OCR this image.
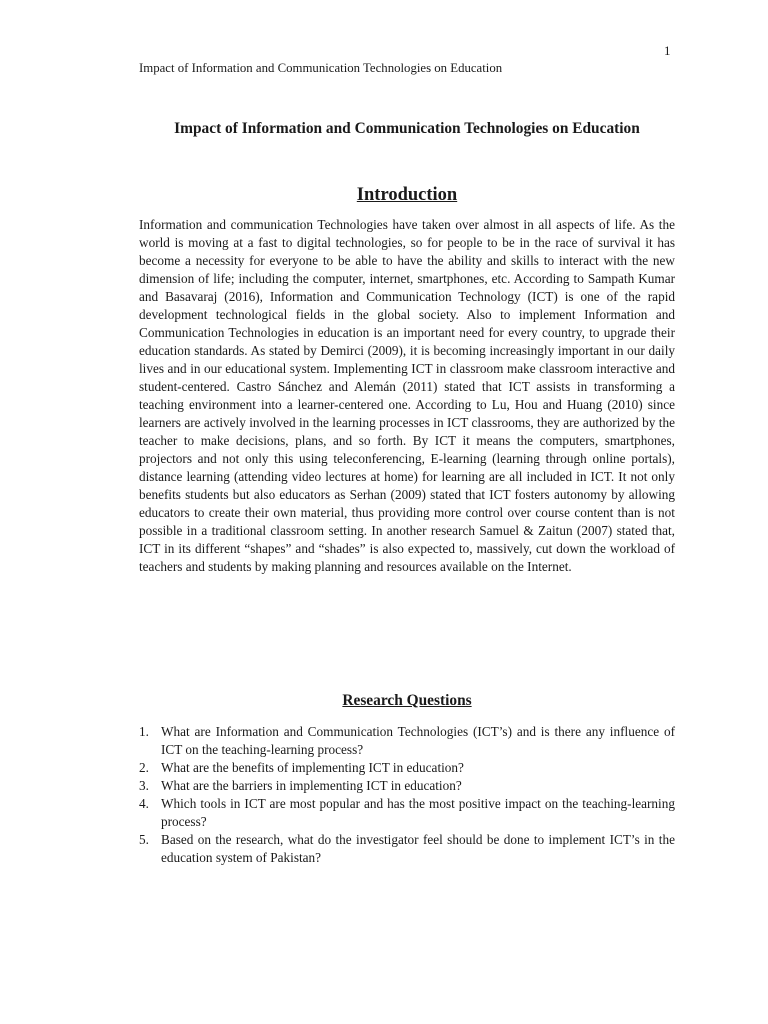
1
Impact of Information and Communication Technologies on Education
Impact of Information and Communication Technologies on Education
Introduction

Information and communication Technologies have taken over almost in all aspects of life. As the world is moving at a fast to digital technologies, so for people to be in the race of survival it has become a necessity for everyone to be able to have the ability and skills to interact with the new dimension of life; including the computer, internet, smartphones, etc. According to Sampath Kumar and Basavaraj (2016), Information and Communication Technology (ICT) is one of the rapid development technological fields in the global society. Also to implement Information and Communication Technologies in education is an important need for every country, to upgrade their education standards. As stated by Demirci (2009), it is becoming increasingly important in our daily lives and in our educational system. Implementing ICT in classroom make classroom interactive and student-centered. Castro Sánchez and Alemán (2011) stated that ICT assists in transforming a teaching environment into a learner-centered one. According to Lu, Hou and Huang (2010) since learners are actively involved in the learning processes in ICT classrooms, they are authorized by the teacher to make decisions, plans, and so forth. By ICT it means the computers, smartphones, projectors and not only this using teleconferencing, E-learning (learning through online portals), distance learning (attending video lectures at home) for learning are all included in ICT. It not only benefits students but also educators as Serhan (2009) stated that ICT fosters autonomy by allowing educators to create their own material, thus providing more control over course content than is not possible in a traditional classroom setting. In another research Samuel & Zaitun (2007) stated that, ICT in its different “shapes” and “shades” is also expected to, massively, cut down the workload of teachers and students by making planning and resources available on the Internet.

Research Questions
1. What are Information and Communication Technologies (ICT’s) and is there any influence of ICT on the teaching-learning process?
2. What are the benefits of implementing ICT in education?
3. What are the barriers in implementing ICT in education?
4. Which tools in ICT are most popular and has the most positive impact on the teaching-learning process?
5. Based on the research, what do the investigator feel should be done to implement ICT’s in the education system of Pakistan?
